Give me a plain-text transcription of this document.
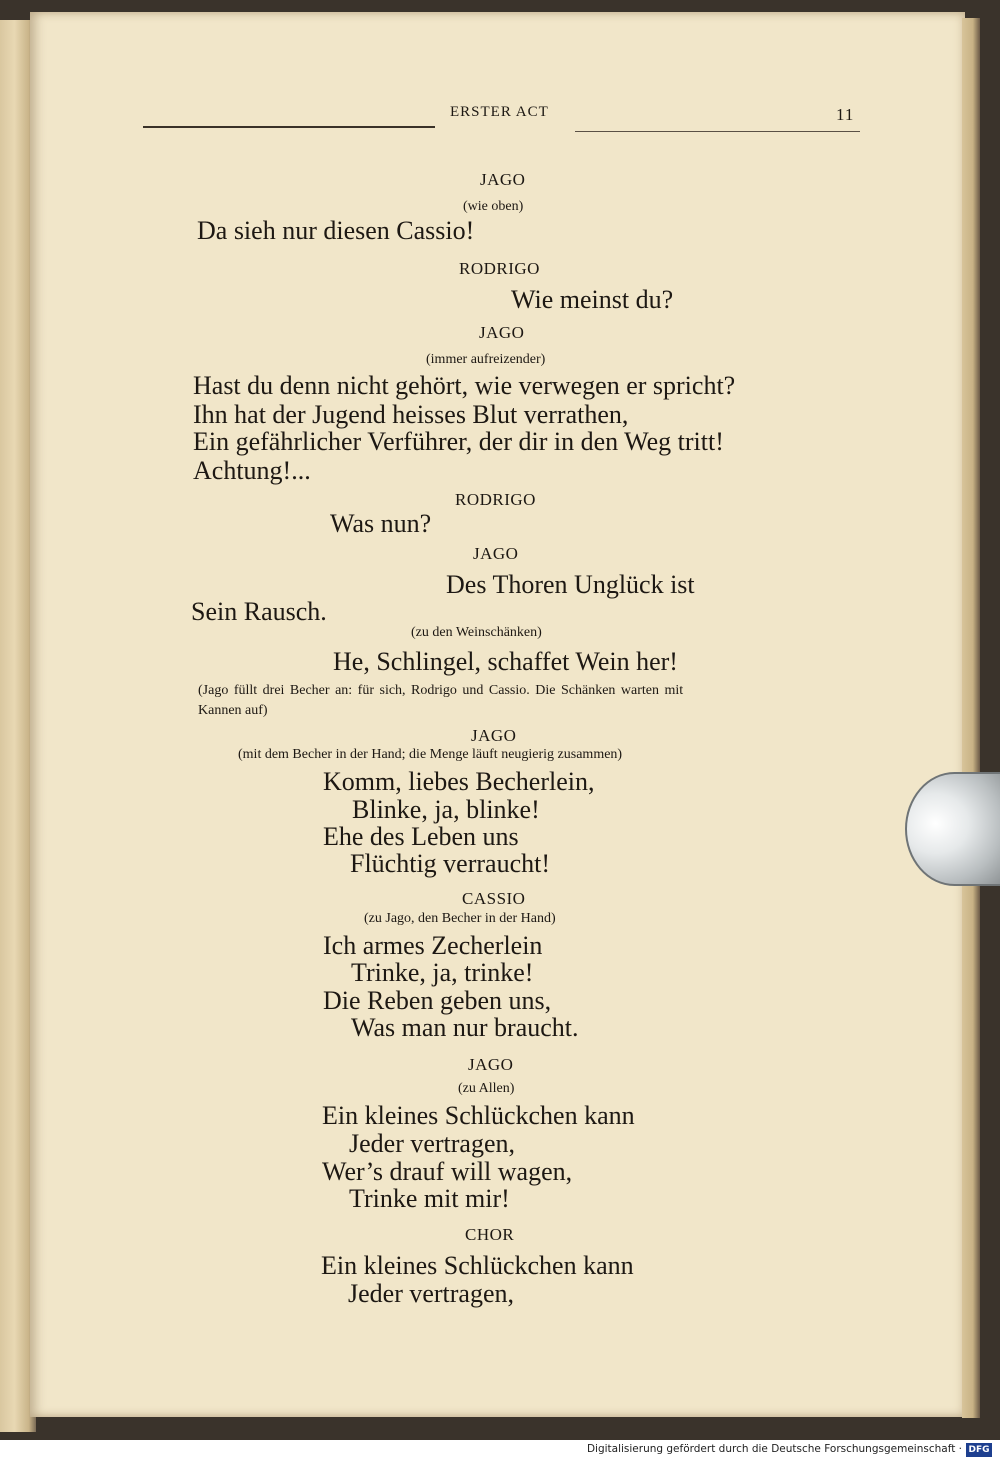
ERSTER ACT	11
JAGO
(wie oben)
Da sieh nur diesen Cassio!
RODRIGO
Wie meinst du?
JAGO
(immer aufreizender)
Hast du denn nicht gehört, wie verwegen er spricht?
Ihn hat der Jugend heisses Blut verrathen,
Ein gefährlicher Verführer, der dir in den Weg tritt!
Achtung!...
RODRIGO
Was nun?
JAGO
Des Thoren Unglück ist
Sein Rausch.
(zu den Weinschänken)
He, Schlingel, schaffet Wein her!
(Jago füllt drei Becher an: für sich, Rodrigo und Cassio. Die Schänken warten mit
Kannen auf)
JAGO
(mit dem Becher in der Hand; die Menge läuft neugierig zusammen)
Komm, liebes Becherlein,
Blinke, ja, blinke!
Ehe des Leben uns
Flüchtig verraucht!
CASSIO
(zu Jago, den Becher in der Hand)
Ich armes Zecherlein
Trinke, ja, trinke!
Die Reben geben uns,
Was man nur braucht.
JAGO
(zu Allen)
Ein kleines Schlückchen kann
Jeder vertragen,
Wer’s drauf will wagen,
Trinke mit mir!
CHOR
Ein kleines Schlückchen kann
Jeder vertragen,
Digitalisierung gefördert durch die Deutsche Forschungsgemeinschaft · DFG
